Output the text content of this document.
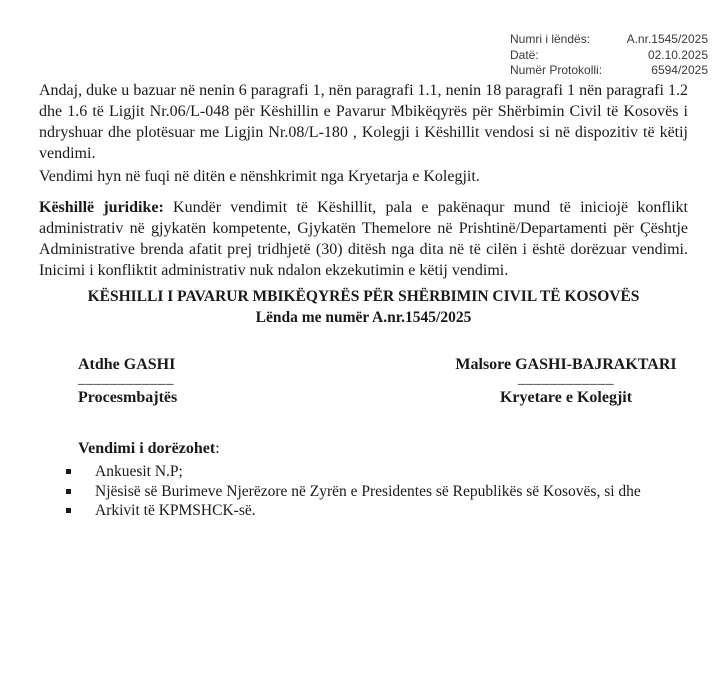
Numri i lëndës:	A.nr.1545/2025
Datë:	02.10.2025
Numër Protokolli:	6594/2025

Andaj, duke u bazuar në nenin 6 paragrafi 1, nën paragrafi 1.1, nenin 18 paragrafi 1 nën paragrafi 1.2 dhe 1.6 të Ligjit Nr.06/L-048 për Këshillin e Pavarur Mbikëqyrës për Shërbimin Civil të Kosovës i ndryshuar dhe plotësuar me Ligjin Nr.08/L-180 , Kolegji i Këshillit vendosi si në dispozitiv të këtij vendimi.

Vendimi hyn në fuqi në ditën e nënshkrimit nga Kryetarja e Kolegjit.

Këshillë juridike: Kundër vendimit të Këshillit, pala e pakënaqur mund të iniciojë konflikt administrativ në gjykatën kompetente, Gjykatën Themelore në Prishtinë/Departamenti për Çështje Administrative brenda afatit prej tridhjetë (30) ditësh nga dita në të cilën i është dorëzuar vendimi. Inicimi i konfliktit administrativ nuk ndalon ekzekutimin e këtij vendimi.

KËSHILLI I PAVARUR MBIKËQYRËS PËR SHËRBIMIN CIVIL TË KOSOVËS
Lënda me numër A.nr.1545/2025
Atdhe GASHI
____________
Procesmbajtës
Malsore GASHI-BAJRAKTARI
____________
Kryetare e Kolegjit
Vendimi i dorëzohet:
Ankuesit N.P;
Njësisë së Burimeve Njerëzore në Zyrën e Presidentes së Republikës së Kosovës, si dhe
Arkivit të KPMSHCK-së.
